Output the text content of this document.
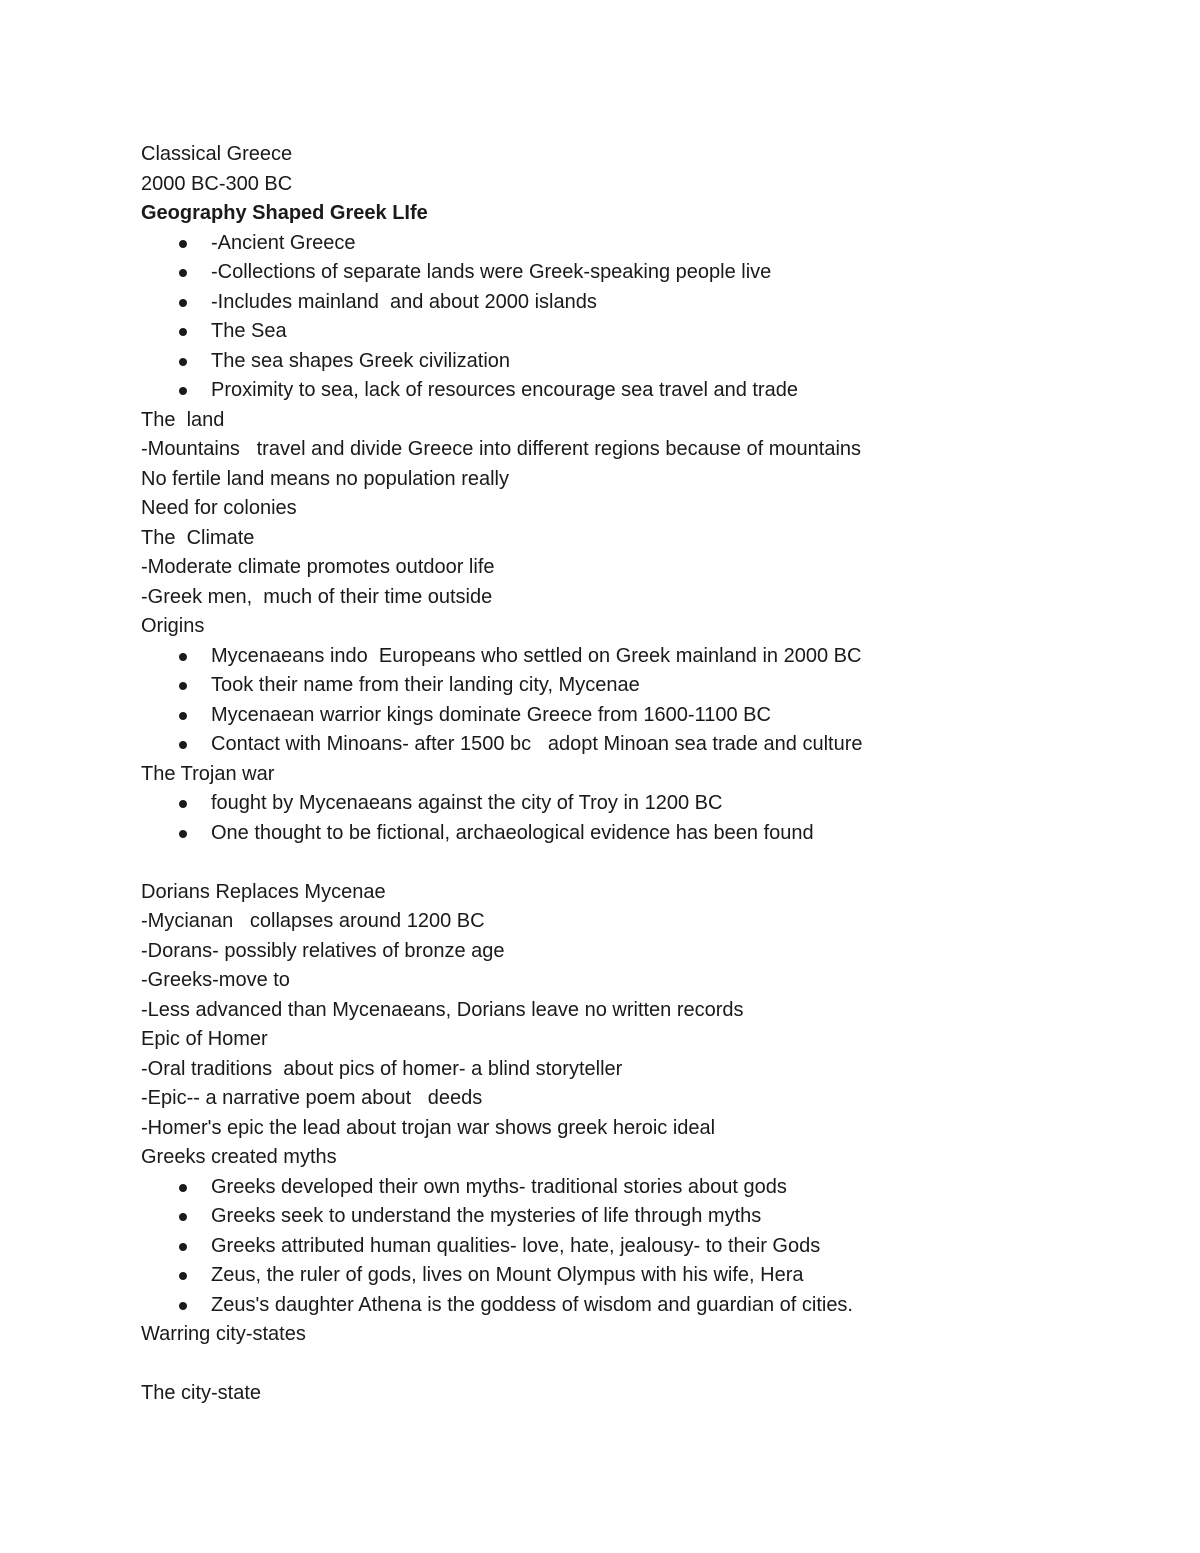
Classical Greece
2000 BC-300 BC
Geography Shaped Greek LIfe
-Ancient Greece
-Collections of separate lands were Greek-speaking people live
-Includes mainland  and about 2000 islands
The Sea
The sea shapes Greek civilization
Proximity to sea, lack of resources encourage sea travel and trade
The  land
-Mountains   travel and divide Greece into different regions because of mountains
No fertile land means no population really
Need for colonies
The  Climate
-Moderate climate promotes outdoor life
-Greek men,  much of their time outside
Origins
Mycenaeans indo  Europeans who settled on Greek mainland in 2000 BC
Took their name from their landing city, Mycenae
Mycenaean warrior kings dominate Greece from 1600-1100 BC
Contact with Minoans- after 1500 bc   adopt Minoan sea trade and culture
The Trojan war
fought by Mycenaeans against the city of Troy in 1200 BC
One thought to be fictional, archaeological evidence has been found
Dorians Replaces Mycenae
-Mycianan   collapses around 1200 BC
-Dorans- possibly relatives of bronze age
-Greeks-move to
-Less advanced than Mycenaeans, Dorians leave no written records
Epic of Homer
-Oral traditions  about pics of homer- a blind storyteller
-Epic-- a narrative poem about   deeds
-Homer's epic the lead about trojan war shows greek heroic ideal
Greeks created myths
Greeks developed their own myths- traditional stories about gods
Greeks seek to understand the mysteries of life through myths
Greeks attributed human qualities- love, hate, jealousy- to their Gods
Zeus, the ruler of gods, lives on Mount Olympus with his wife, Hera
Zeus's daughter Athena is the goddess of wisdom and guardian of cities.
Warring city-states
The city-state
